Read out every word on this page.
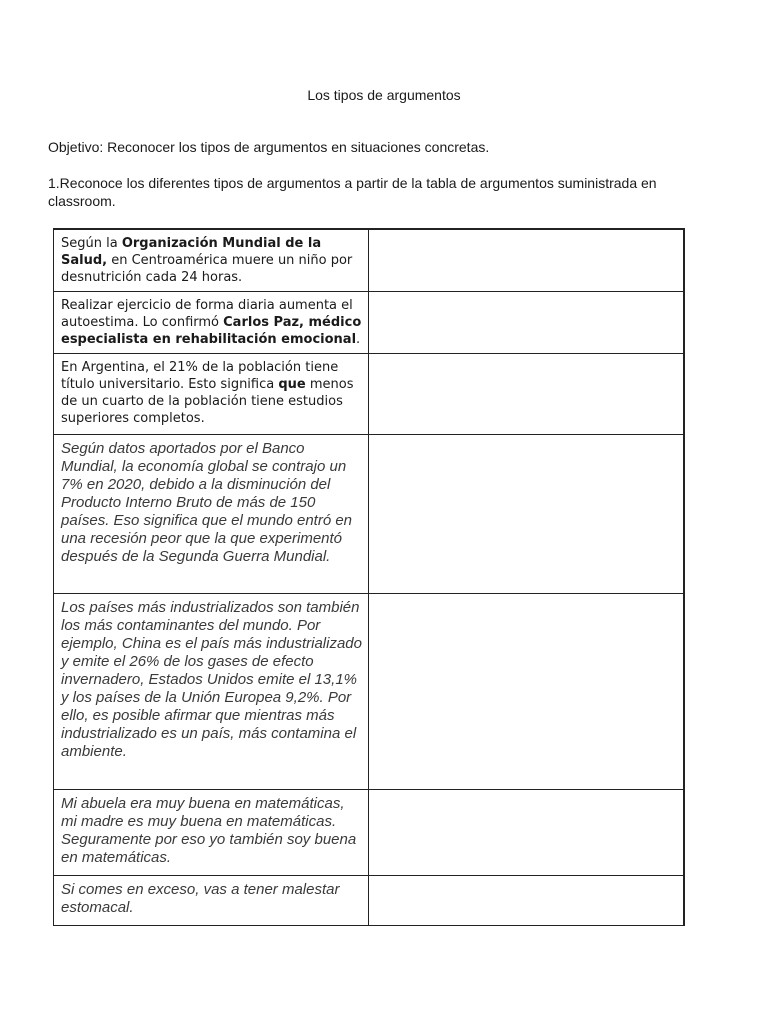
Los tipos de argumentos
Objetivo: Reconocer los tipos de argumentos en situaciones concretas.
1.Reconoce los diferentes tipos de argumentos a partir de la tabla de argumentos suministrada en classroom.
Según la Organización Mundial de la Salud, en Centroamérica muere un niño por desnutrición cada 24 horas.	

Realizar ejercicio de forma diaria aumenta el autoestima. Lo confirmó Carlos Paz, médico especialista en rehabilitación emocional.	

En Argentina, el 21% de la población tiene título universitario. Esto significa que menos de un cuarto de la población tiene estudios superiores completos.	

Según datos aportados por el Banco Mundial, la economía global se contrajo un 7% en 2020, debido a la disminución del Producto Interno Bruto de más de 150 países. Eso significa que el mundo entró en una recesión peor que la que experimentó después de la Segunda Guerra Mundial.	

Los países más industrializados son también los más contaminantes del mundo. Por ejemplo, China es el país más industrializado y emite el 26% de los gases de efecto invernadero, Estados Unidos emite el 13,1% y los países de la Unión Europea 9,2%. Por ello, es posible afirmar que mientras más industrializado es un país, más contamina el ambiente.	

Mi abuela era muy buena en matemáticas, mi madre es muy buena en matemáticas. Seguramente por eso yo también soy buena en matemáticas.	

Si comes en exceso, vas a tener malestar estomacal.	
